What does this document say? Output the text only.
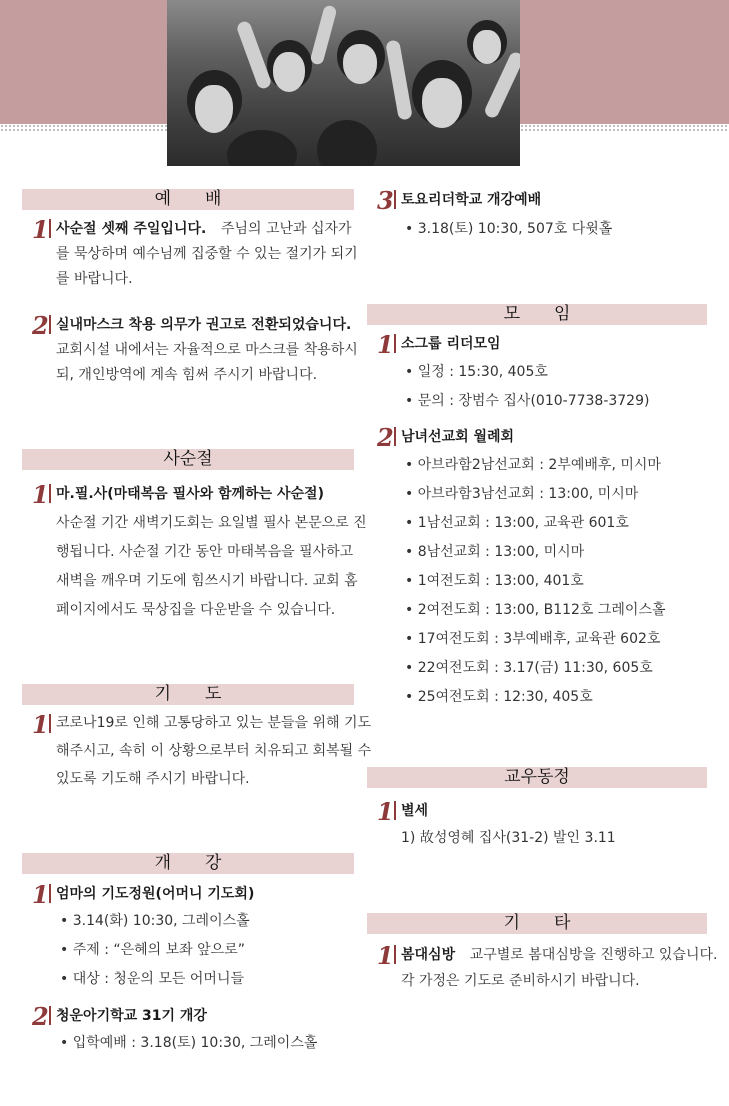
예　　배
1 사순절 셋째 주일입니다. 주님의 고난과 십자가
를 묵상하며 예수님께 집중할 수 있는 절기가 되기
를 바랍니다.
2 실내마스크 착용 의무가 권고로 전환되었습니다.
교회시설 내에서는 자율적으로 마스크를 착용하시
되, 개인방역에 계속 힘써 주시기 바랍니다.
사순절
1 마.필.사(마태복음 필사와 함께하는 사순절)
사순절 기간 새벽기도회는 요일별 필사 본문으로 진
행됩니다. 사순절 기간 동안 마태복음을 필사하고
새벽을 깨우며 기도에 힘쓰시기 바랍니다. 교회 홈
페이지에서도 묵상집을 다운받을 수 있습니다.
기　　도
1 코로나19로 인해 고통당하고 있는 분들을 위해 기도
해주시고, 속히 이 상황으로부터 치유되고 회복될 수
있도록 기도해 주시기 바랍니다.
개　　강
1 엄마의 기도정원(어머니 기도회)
• 3.14(화) 10:30, 그레이스홀
• 주제 : “은혜의 보좌 앞으로”
• 대상 : 청운의 모든 어머니들
2 청운아기학교 31기 개강
• 입학예배 : 3.18(토) 10:30, 그레이스홀
3 토요리더학교 개강예배
• 3.18(토) 10:30, 507호 다윗홀
모　　임
1 소그룹 리더모임
• 일정 : 15:30, 405호
• 문의 : 장범수 집사(010-7738-3729)
2 남녀선교회 월례회
• 아브라함2남선교회 : 2부예배후, 미시마
• 아브라함3남선교회 : 13:00, 미시마
• 1남선교회 : 13:00, 교육관 601호
• 8남선교회 : 13:00, 미시마
• 1여전도회 : 13:00, 401호
• 2여전도회 : 13:00, B112호 그레이스홀
• 17여전도회 : 3부예배후, 교육관 602호
• 22여전도회 : 3.17(금) 11:30, 605호
• 25여전도회 : 12:30, 405호
교우동정
1 별세
1) 故성영혜 집사(31-2) 발인 3.11
기　　타
1 봄대심방 교구별로 봄대심방을 진행하고 있습니다.
각 가정은 기도로 준비하시기 바랍니다.
